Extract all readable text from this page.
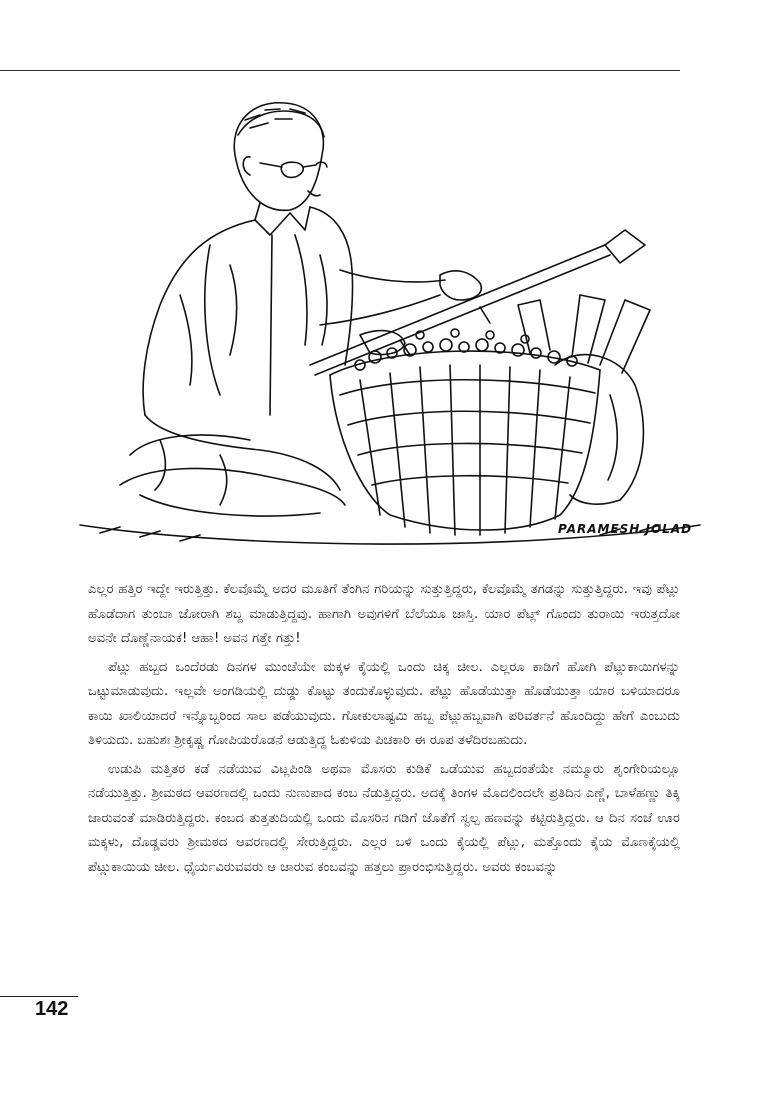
PARAMESH JOLAD

ಎಲ್ಲರ ಹತ್ತಿರ ಇದ್ದೇ ಇರುತ್ತಿತ್ತು. ಕೆಲವೊಮ್ಮೆ ಅದರ ಮೂತಿಗೆ ತೆಂಗಿನ ಗರಿಯನ್ನು ಸುತ್ತುತ್ತಿದ್ದರು, ಕೆಲವೊಮ್ಮೆ ತಗಡನ್ನು ಸುತ್ತುತ್ತಿದ್ದರು. ಇವು ಪೆಟ್ಲು ಹೊಡೆದಾಗ ತುಂಬಾ ಜೋರಾಗಿ ಶಬ್ದ ಮಾಡುತ್ತಿದ್ದವು. ಹಾಗಾಗಿ ಅವುಗಳಿಗೆ ಬೆಲೆಯೂ ಜಾಸ್ತಿ. ಯಾರ ಪೆಟ್ಲ್ ಗೊಂದು ತುರಾಯಿ ಇರುತ್ತದೋ ಅವನೇ ದೊಣ್ಣೆನಾಯಕ! ಆಹಾ! ಅವನ ಗತ್ತೇ ಗತ್ತು!

ಪೆಟ್ಲು ಹಬ್ಬದ ಒಂದೆರಡು ದಿನಗಳ ಮುಂಚೆಯೇ ಮಕ್ಕಳ ಕೈಯಲ್ಲಿ ಒಂದು ಚಿಕ್ಕ ಚೀಲ. ಎಲ್ಲರೂ ಕಾಡಿಗೆ ಹೋಗಿ ಪೆಟ್ಲುಕಾಯಿಗಳನ್ನು ಒಟ್ಟುಮಾಡುವುದು. ಇಲ್ಲವೇ ಅಂಗಡಿಯಲ್ಲಿ ದುಡ್ಡು ಕೊಟ್ಟು ತಂದುಕೊಳ್ಳುವುದು. ಪೆಟ್ಲು ಹೊಡೆಯುತ್ತಾ ಹೊಡೆಯುತ್ತಾ ಯಾರ ಬಳಿಯಾದರೂ ಕಾಯಿ ಖಾಲಿಯಾದರೆ ಇನ್ನೊಬ್ಬರಿಂದ ಸಾಲ ಪಡೆಯುವುದು. ಗೋಕುಲಾಷ್ಟಮಿ ಹಬ್ಬ ಪೆಟ್ಲುಹಬ್ಬವಾಗಿ ಪರಿವರ್ತನೆ ಹೊಂದಿದ್ದು ಹೇಗೆ ಎಂಬುದು ತಿಳಿಯದು. ಬಹುಶಃ ಶ್ರೀಕೃಷ್ಣ ಗೋಪಿಯರೊಡನೆ ಆಡುತ್ತಿದ್ದ ಓಕುಳಿಯ ಪಿಚಕಾರಿ ಈ ರೂಪ ತಳೆದಿರಬಹುದು.

ಉಡುಪಿ ಮತ್ತಿತರ ಕಡೆ ನಡೆಯುವ ವಿಟ್ಲಪಿಂಡಿ ಅಥವಾ ಮೊಸರು ಕುಡಿಕೆ ಒಡೆಯುವ ಹಬ್ಬದಂತೆಯೇ ನಮ್ಮೂರು ಶೃಂಗೇರಿಯಲ್ಲೂ ನಡೆಯುತ್ತಿತ್ತು. ಶ್ರೀಮಠದ ಆವರಣದಲ್ಲಿ ಒಂದು ನುಣುಪಾದ ಕಂಬ ನೆಡುತ್ತಿದ್ದರು. ಅದಕ್ಕೆ ತಿಂಗಳ ಮೊದಲಿಂದಲೇ ಪ್ರತಿದಿನ ಎಣ್ಣೆ, ಬಾಳೆಹಣ್ಣು ತಿಕ್ಕಿ ಜಾರುವಂತೆ ಮಾಡಿರುತ್ತಿದ್ದರು. ಕಂಬದ ತುತ್ತತುದಿಯಲ್ಲಿ ಒಂದು ಮೊಸರಿನ ಗಡಿಗೆ ಜೊತೆಗೆ ಸ್ವಲ್ಪ ಹಣವನ್ನು ಕಟ್ಟಿರುತ್ತಿದ್ದರು. ಆ ದಿನ ಸಂಜೆ ಊರ ಮಕ್ಕಳು, ದೊಡ್ಡವರು ಶ್ರೀಮಠದ ಆವರಣದಲ್ಲಿ ಸೇರುತ್ತಿದ್ದರು. ಎಲ್ಲರ ಬಳಿ ಒಂದು ಕೈಯಲ್ಲಿ ಪೆಟ್ಲು, ಮತ್ತೊಂದು ಕೈಯ ಮೊಣಕೈಯಲ್ಲಿ ಪೆಟ್ಲುಕಾಯಿಯ ಚೀಲ. ಧೈರ್ಯವಿರುವವರು ಆ ಜಾರುವ ಕಂಬವನ್ನು ಹತ್ತಲು ಪ್ರಾರಂಭಿಸುತ್ತಿದ್ದರು. ಅವರು ಕಂಬವನ್ನು

142
